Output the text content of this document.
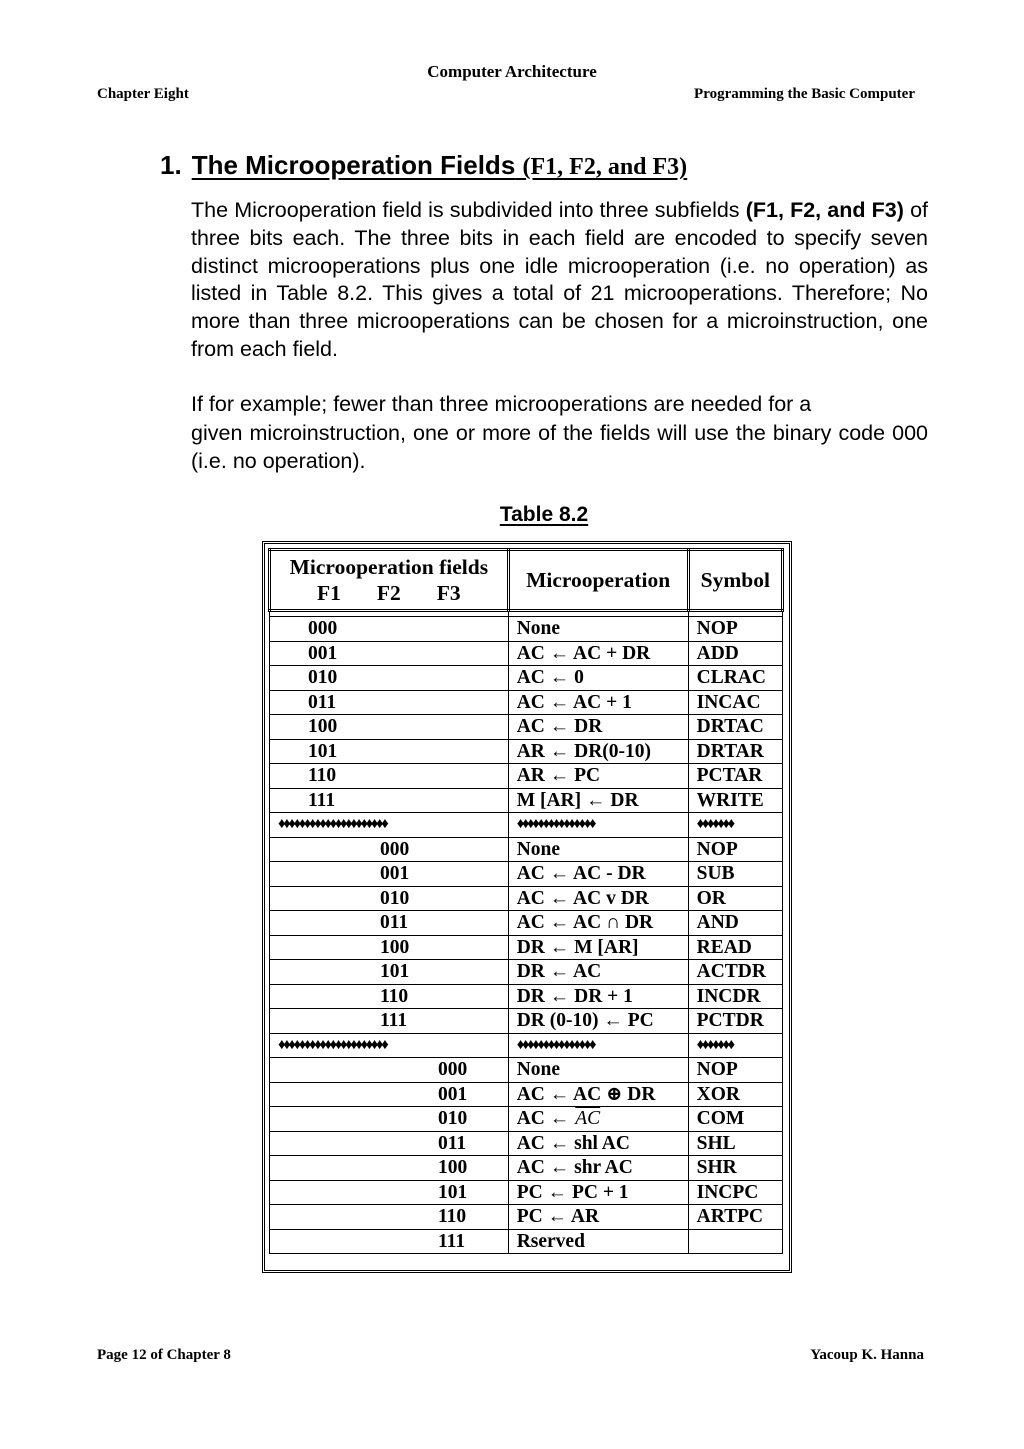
Computer Architecture
Chapter Eight	Programming the Basic Computer
1. The Microoperation Fields (F1, F2, and F3)

The Microoperation field is subdivided into three subfields (F1, F2, and F3) of three bits each. The three bits in each field are encoded to specify seven distinct microoperations plus one idle microoperation (i.e. no operation) as listed in Table 8.2. This gives a total of 21 microoperations. Therefore; No more than three microoperations can be chosen for a microinstruction, one from each field.

If for example; fewer than three microoperations are needed for a

given microinstruction, one or more of the fields will use the binary code 000 (i.e. no operation).

Table 8.2
Microoperation fields
F1 F2 F3	Microoperation	Symbol

000	None	NOP
001	AC ← AC + DR	ADD
010	AC ← 0	CLRAC
011	AC ← AC + 1	INCAC
100	AC ← DR	DRTAC
101	AR ← DR(0-10)	DRTAR
110	AR ← PC	PCTAR
111	M [AR] ← DR	WRITE
♦♦♦♦♦♦♦♦♦♦♦♦♦♦♦♦♦♦♦♦♦	♦♦♦♦♦♦♦♦♦♦♦♦♦♦♦	♦♦♦♦♦♦♦
000	None	NOP
001	AC ← AC - DR	SUB
010	AC ← AC v DR	OR
011	AC ← AC ∩ DR	AND
100	DR ← M [AR]	READ
101	DR ← AC	ACTDR
110	DR ← DR + 1	INCDR
111	DR (0-10) ← PC	PCTDR
♦♦♦♦♦♦♦♦♦♦♦♦♦♦♦♦♦♦♦♦♦	♦♦♦♦♦♦♦♦♦♦♦♦♦♦♦	♦♦♦♦♦♦♦
000	None	NOP
001	AC ← AC ⊕ DR	XOR
010	AC ← $\overline{AC}$	COM
011	AC ← shl AC	SHL
100	AC ← shr AC	SHR
101	PC ← PC + 1	INCPC
110	PC ← AR	ARTPC
111	Rserved	
Page 12 of Chapter 8	Yacoup K. Hanna
